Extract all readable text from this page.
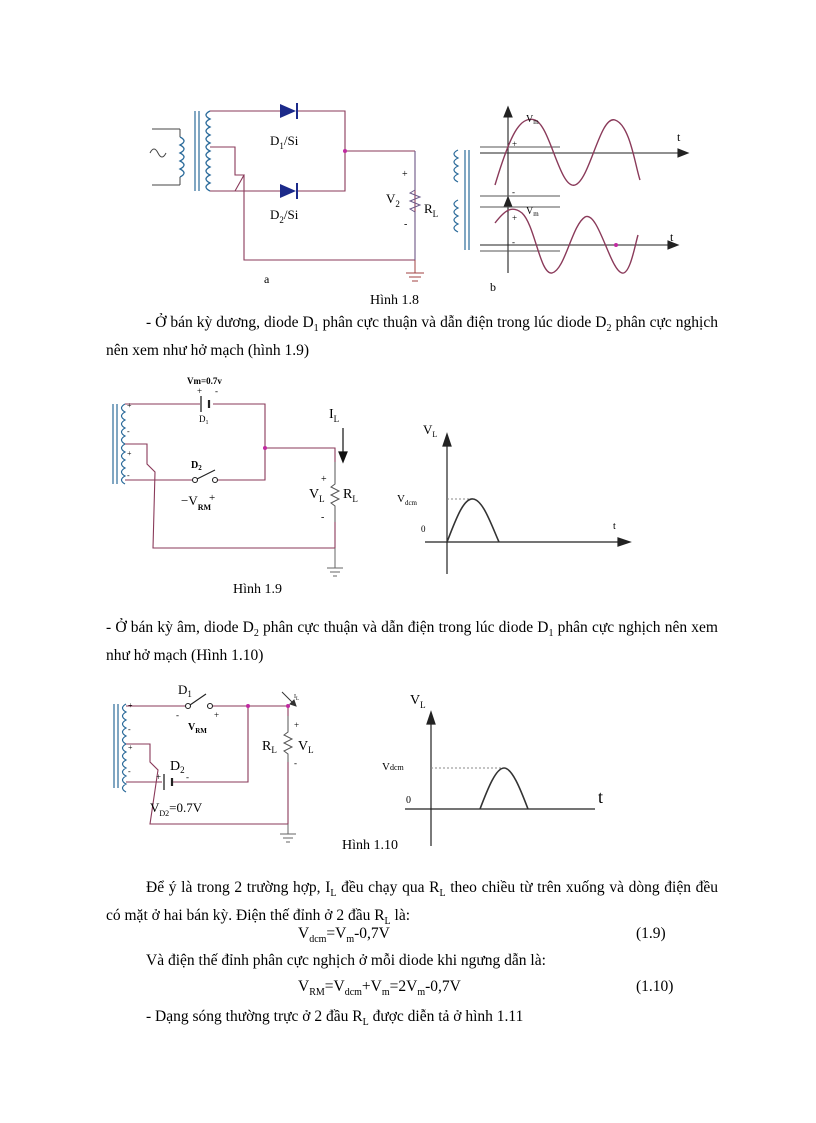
$D_1/Si$
$D_2/Si$
$V_2$ $R_L$
+
-
+
-
+
-
$V_m$
$V_m$
t
t
a
b
Hình 1.8
- Ở bán kỳ dương, diode $D_1$ phân cực thuận và dẫn điện trong lúc diode $D_2$ phân cực nghịch nên xem như hở mạch (hình 1.9)
Vm=0.7v
+ -
$D_1$
$D_2$
$-V_{RM}$
+
+
-
+
-
$I_L$
+
-
$V_L$ $R_L$
$V_L$
$V_{dcm}$
0	t
Hình 1.9
- Ở bán kỳ âm, diode $D_2$ phân cực thuận và dẫn điện trong lúc diode $D_1$ phân cực nghịch nên xem như hở mạch (Hình 1.10)
$D_1$
-	+
$V_{RM}$
$D_2$
+	-
$V_{D2}=0.7V$
+
-
+
-
$R_L$ $V_L$
+
-
$I_L$	$V_L$
Vdcm
0	t
Hình 1.10
Để ý là trong 2 trường hợp, $I_L$ đều chạy qua $R_L$ theo chiều từ trên xuống và dòng điện đều có mặt ở hai bán kỳ. Điện thế đỉnh ở 2 đầu $R_L$ là:
$V_{dcm}=V_m-0,7V$	(1.9)
Và điện thế đỉnh phân cực nghịch ở mỗi diode khi ngưng dẫn là:
$V_{RM}=V_{dcm}+V_m=2V_m-0,7V$	(1.10)
- Dạng sóng thường trực ở 2 đầu $R_L$ được diễn tả ở hình 1.11
